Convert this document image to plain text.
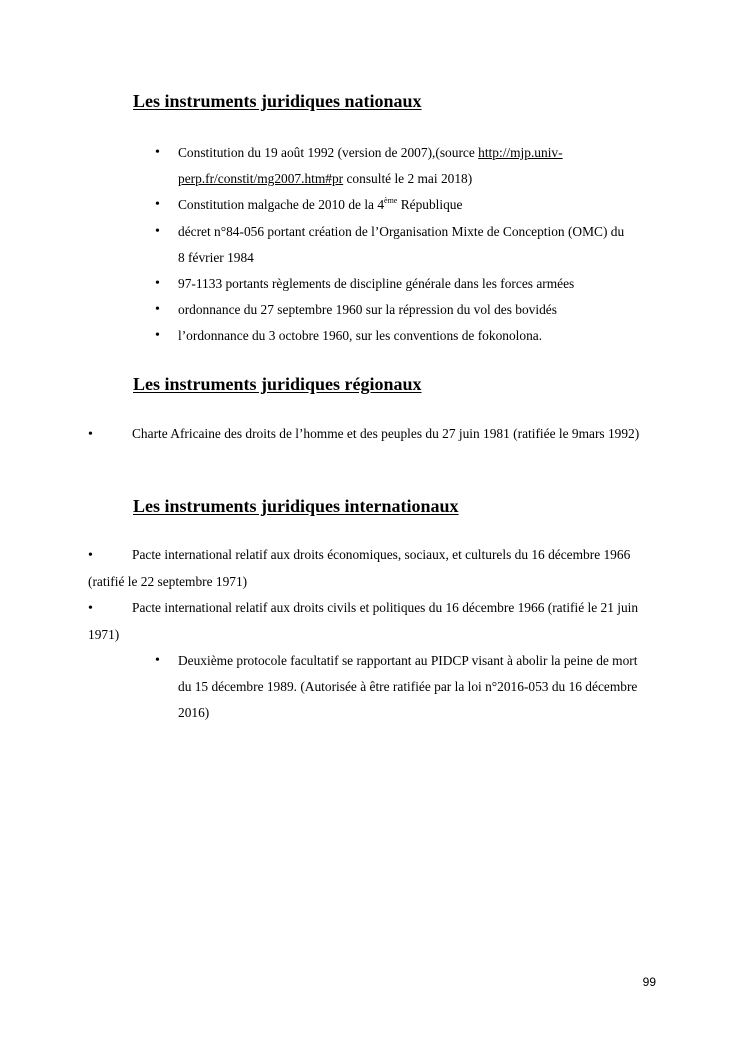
Les instruments juridiques nationaux
• Constitution du 19 août 1992 (version de 2007),(source http://mjp.univ-perp.fr/constit/mg2007.htm#pr consulté le 2 mai 2018)
• Constitution malgache de 2010 de la 4ème République
• décret n°84-056 portant création de l’Organisation Mixte de Conception (OMC) du 8 février 1984
• 97-1133 portants règlements de discipline générale dans les forces armées
• ordonnance du 27 septembre 1960 sur la répression du vol des bovidés
• l’ordonnance du 3 octobre 1960, sur les conventions de fokonolona.
Les instruments juridiques régionaux

•	Charte Africaine des droits de l’homme et des peuples du 27 juin 1981 (ratifiée le 9mars 1992)

Les instruments juridiques internationaux

•	Pacte international relatif aux droits économiques, sociaux, et culturels du 16 décembre 1966 (ratifié le 22 septembre 1971)

•	Pacte international relatif aux droits civils et politiques du 16 décembre 1966 (ratifié le 21 juin 1971)

• Deuxième protocole facultatif se rapportant au PIDCP visant à abolir la peine de mort du 15 décembre 1989. (Autorisée à être ratifiée par la loi n°2016-053 du 16 décembre 2016)
99
